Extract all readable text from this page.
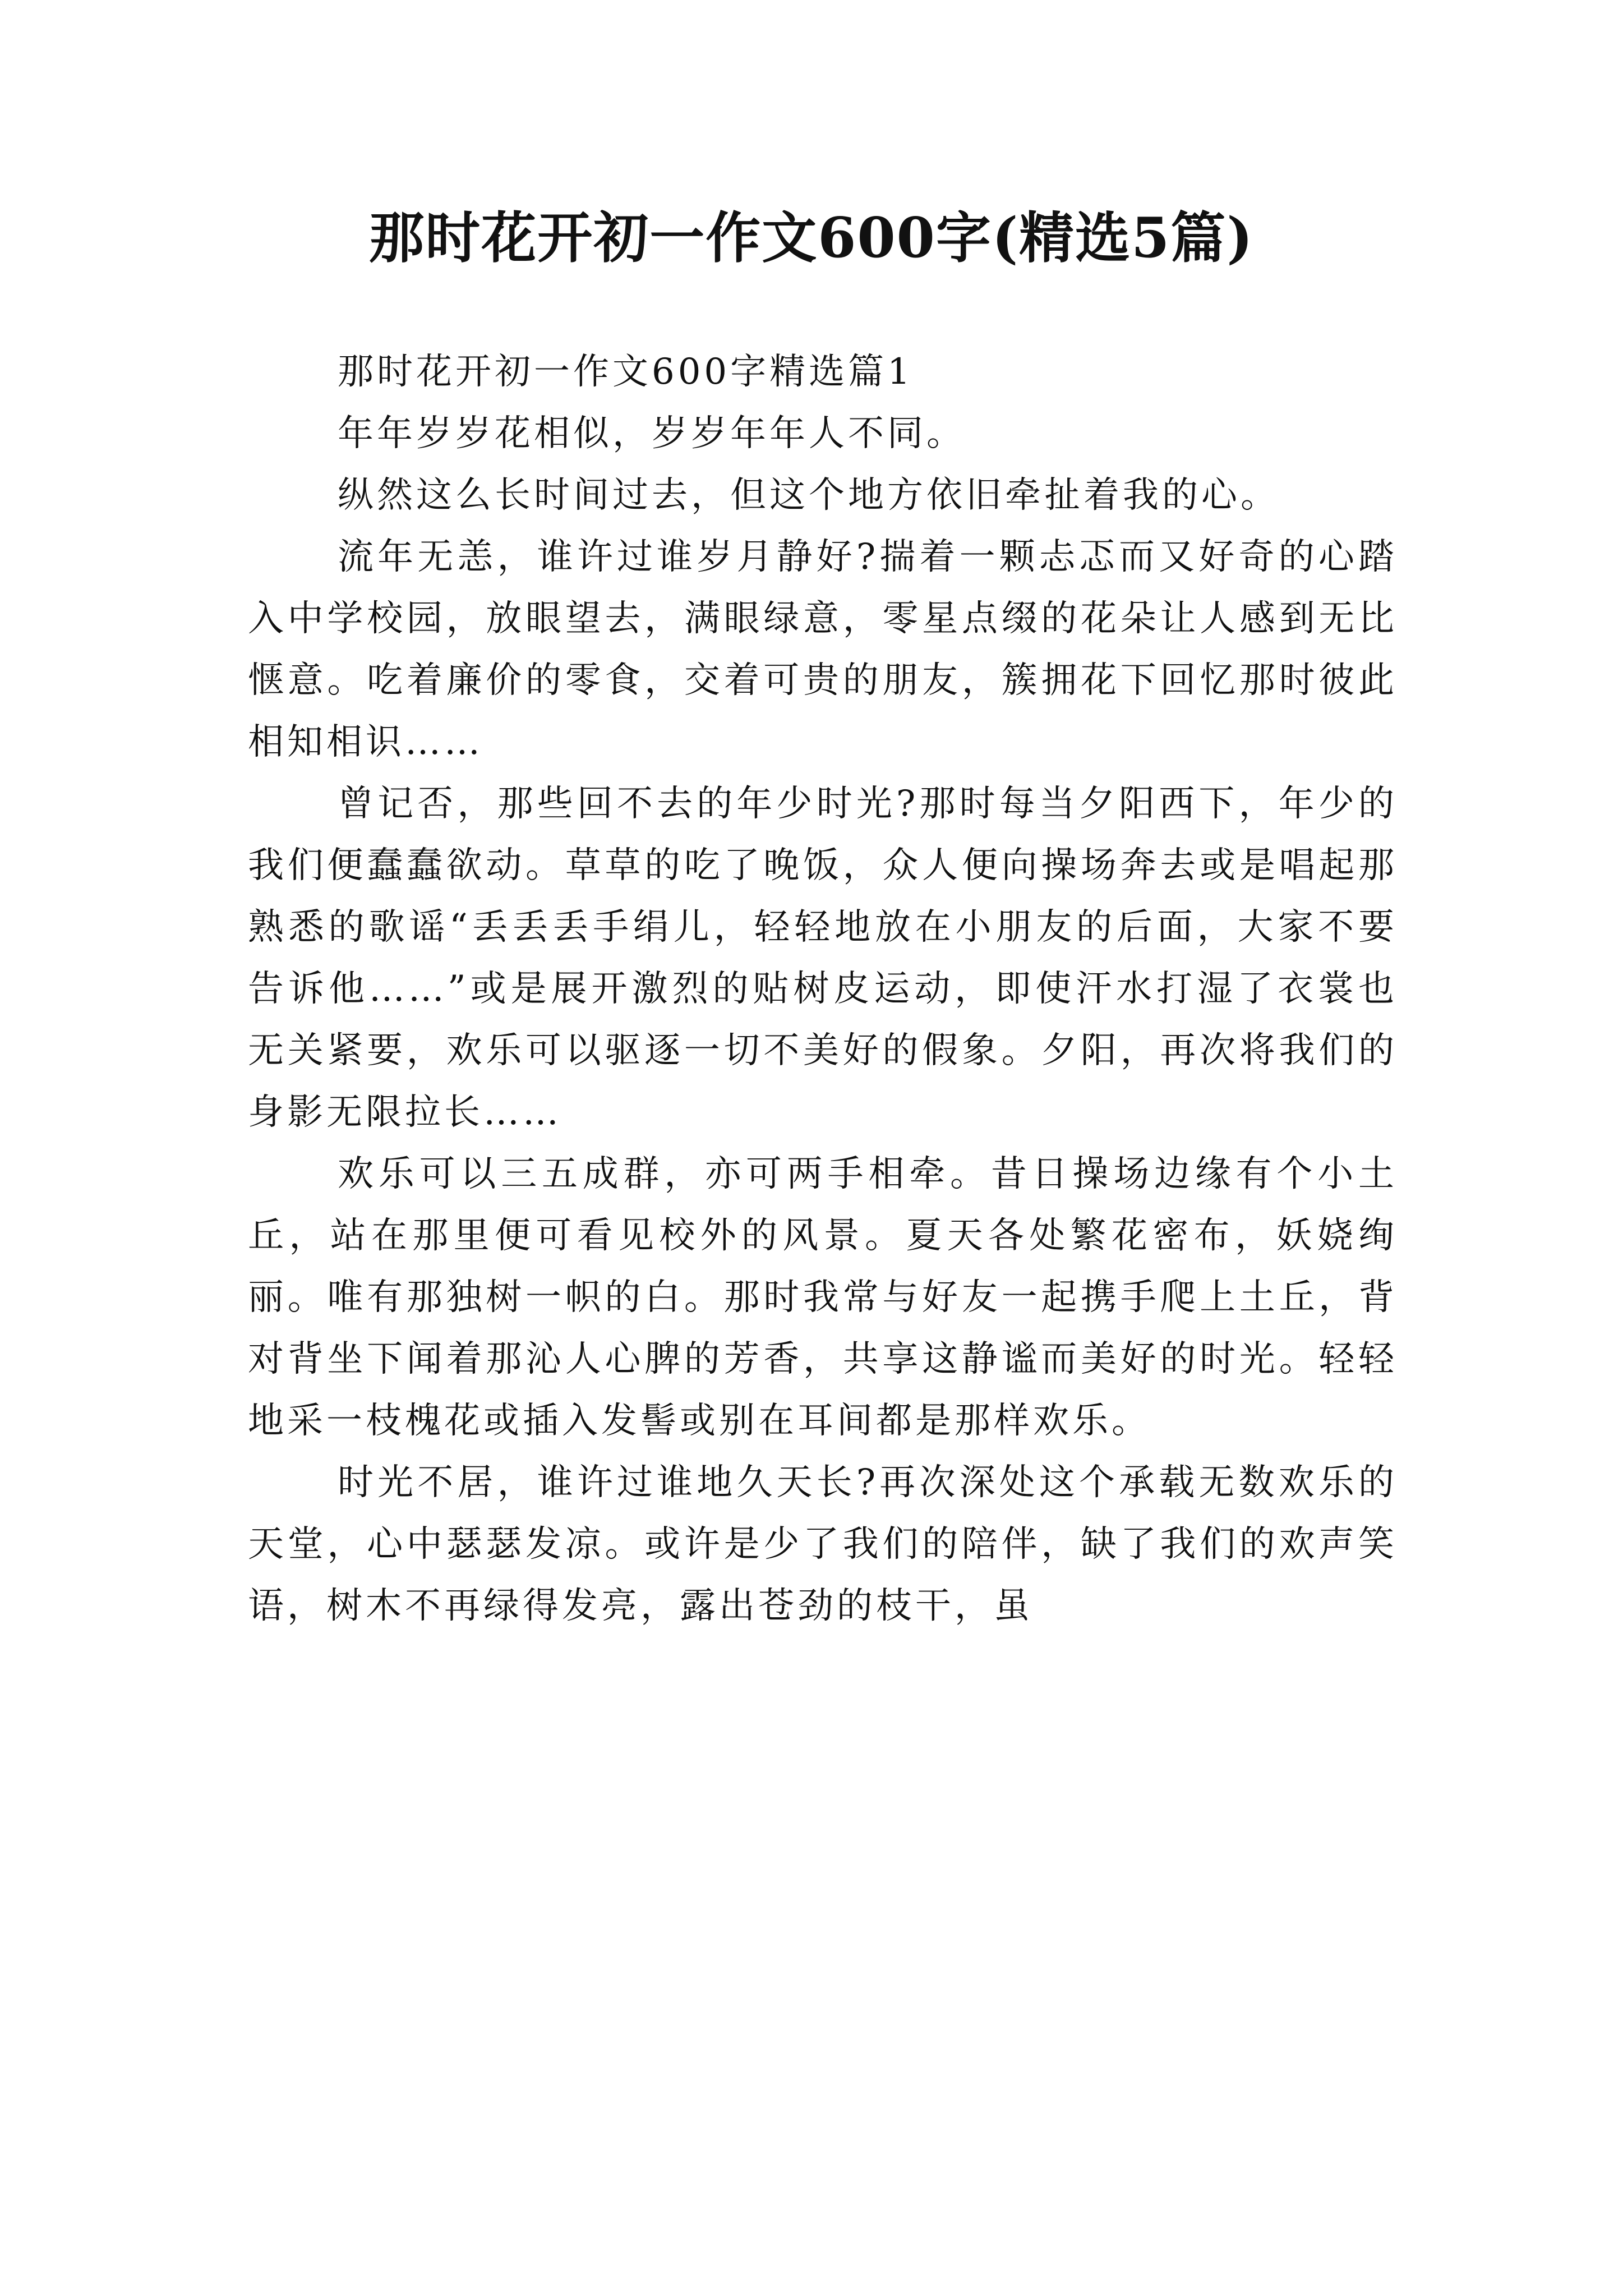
那时花开初一作文600字(精选5篇)

那时花开初一作文600字精选篇1

年年岁岁花相似，岁岁年年人不同。

纵然这么长时间过去，但这个地方依旧牵扯着我的心。

流年无恙，谁许过谁岁月静好?揣着一颗忐忑而又好奇的心踏入中学校园，放眼望去，满眼绿意，零星点缀的花朵让人感到无比惬意。吃着廉价的零食，交着可贵的朋友，簇拥花下回忆那时彼此相知相识……

曾记否，那些回不去的年少时光?那时每当夕阳西下，年少的我们便蠢蠢欲动。草草的吃了晚饭，众人便向操场奔去或是唱起那熟悉的歌谣“丢丢丢手绢儿，轻轻地放在小朋友的后面，大家不要告诉他……”或是展开激烈的贴树皮运动，即使汗水打湿了衣裳也无关紧要，欢乐可以驱逐一切不美好的假象。夕阳，再次将我们的身影无限拉长……

欢乐可以三五成群，亦可两手相牵。昔日操场边缘有个小土丘，站在那里便可看见校外的风景。夏天各处繁花密布，妖娆绚丽。唯有那独树一帜的白。那时我常与好友一起携手爬上土丘，背对背坐下闻着那沁人心脾的芳香，共享这静谧而美好的时光。轻轻地采一枝槐花或插入发髻或别在耳间都是那样欢乐。

时光不居，谁许过谁地久天长?再次深处这个承载无数欢乐的天堂，心中瑟瑟发凉。或许是少了我们的陪伴，缺了我们的欢声笑语，树木不再绿得发亮，露出苍劲的枝干，虽
